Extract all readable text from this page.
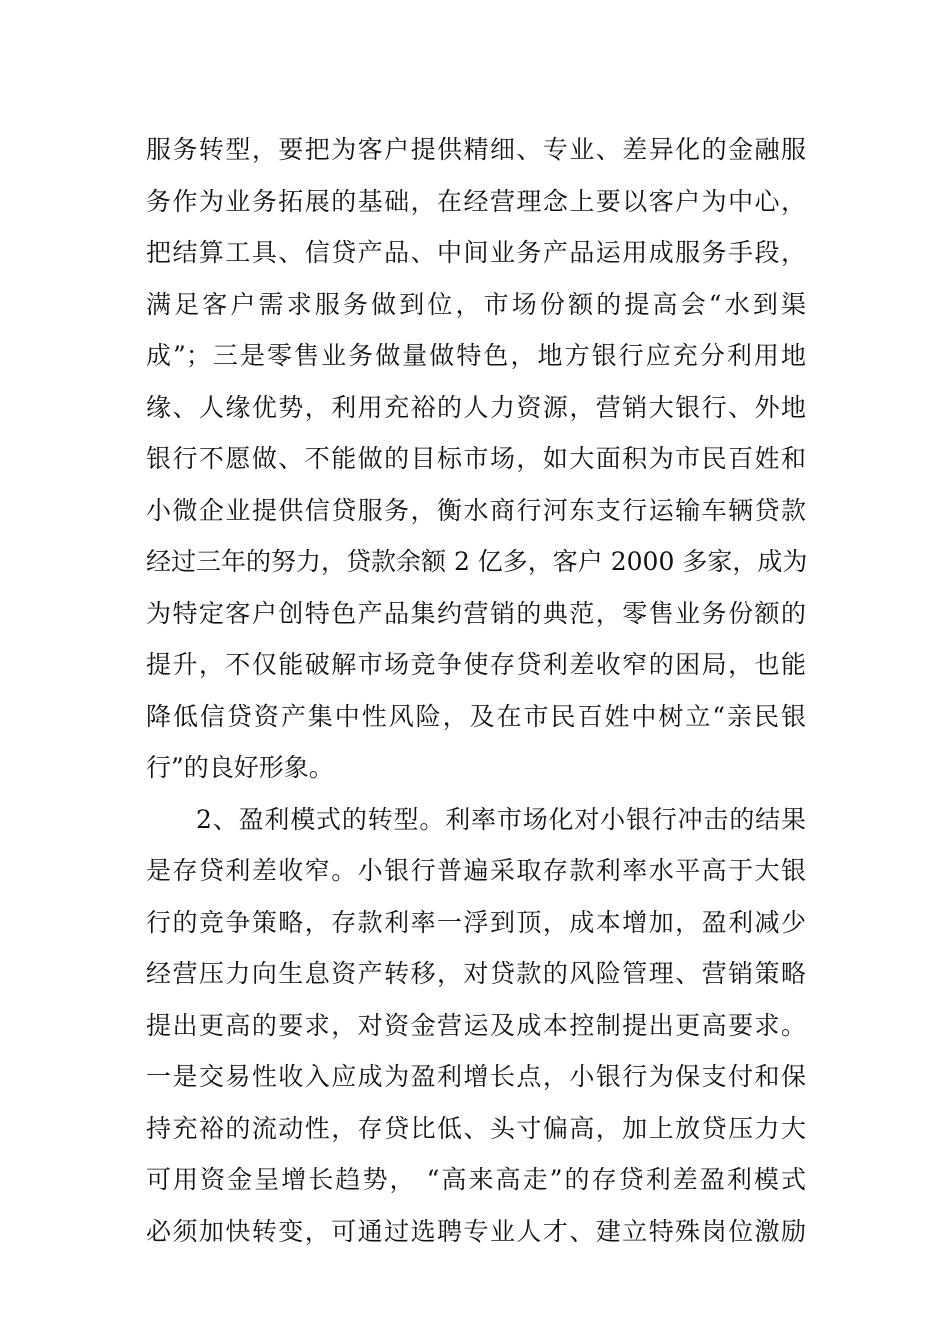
服务转型，要把为客户提供精细、专业、差异化的金融服
务作为业务拓展的基础，在经营理念上要以客户为中心，
把结算工具、信贷产品、中间业务产品运用成服务手段，
满足客户需求服务做到位，市场份额的提高会“水到渠
成”；三是零售业务做量做特色，地方银行应充分利用地
缘、人缘优势，利用充裕的人力资源，营销大银行、外地
银行不愿做、不能做的目标市场，如大面积为市民百姓和
小微企业提供信贷服务，衡水商行河东支行运输车辆贷款
经过三年的努力，贷款余额 2 亿多，客户 2000 多家，成为
为特定客户创特色产品集约营销的典范，零售业务份额的
提升，不仅能破解市场竞争使存贷利差收窄的困局，也能
降低信贷资产集中性风险，及在市民百姓中树立“亲民银
行”的良好形象。
2、盈利模式的转型。利率市场化对小银行冲击的结果
是存贷利差收窄。小银行普遍采取存款利率水平高于大银
行的竞争策略，存款利率一浮到顶，成本增加，盈利减少
经营压力向生息资产转移，对贷款的风险管理、营销策略
提出更高的要求，对资金营运及成本控制提出更高要求。
一是交易性收入应成为盈利增长点，小银行为保支付和保
持充裕的流动性，存贷比低、头寸偏高，加上放贷压力大
可用资金呈增长趋势， “高来高走”的存贷利差盈利模式
必须加快转变，可通过选聘专业人才、建立特殊岗位激励
